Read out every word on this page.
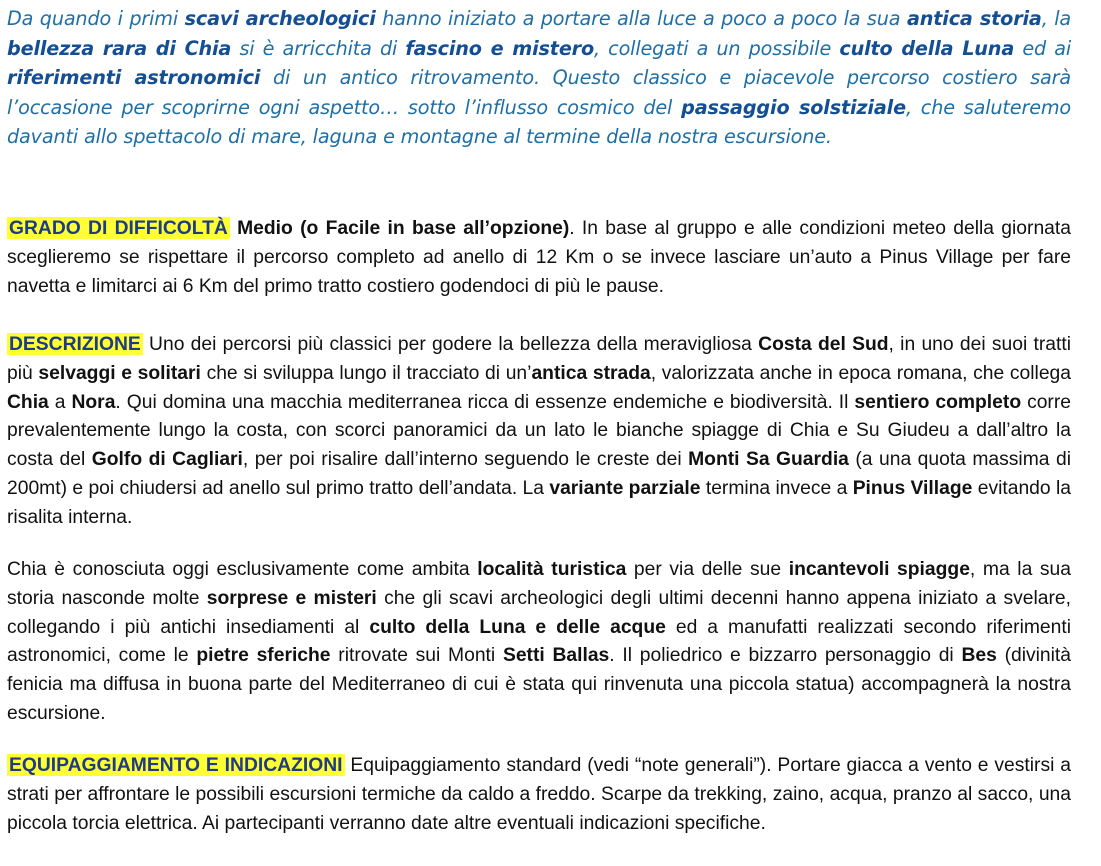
Da quando i primi scavi archeologici hanno iniziato a portare alla luce a poco a poco la sua antica storia, la bellezza rara di Chia si è arricchita di fascino e mistero, collegati a un possibile culto della Luna ed ai riferimenti astronomici di un antico ritrovamento. Questo classico e piacevole percorso costiero sarà l’occasione per scoprirne ogni aspetto… sotto l’influsso cosmico del passaggio solstiziale, che saluteremo davanti allo spettacolo di mare, laguna e montagne al termine della nostra escursione.

GRADO DI DIFFICOLTÀ Medio (o Facile in base all’opzione). In base al gruppo e alle condizioni meteo della giornata sceglieremo se rispettare il percorso completo ad anello di 12 Km o se invece lasciare un’auto a Pinus Village per fare navetta e limitarci ai 6 Km del primo tratto costiero godendoci di più le pause.

DESCRIZIONE Uno dei percorsi più classici per godere la bellezza della meravigliosa Costa del Sud, in uno dei suoi tratti più selvaggi e solitari che si sviluppa lungo il tracciato di un’antica strada, valorizzata anche in epoca romana, che collega Chia a Nora. Qui domina una macchia mediterranea ricca di essenze endemiche e biodiversità. Il sentiero completo corre prevalentemente lungo la costa, con scorci panoramici da un lato le bianche spiagge di Chia e Su Giudeu a dall’altro la costa del Golfo di Cagliari, per poi risalire dall’interno seguendo le creste dei Monti Sa Guardia (a una quota massima di 200mt) e poi chiudersi ad anello sul primo tratto dell’andata. La variante parziale termina invece a Pinus Village evitando la risalita interna.

Chia è conosciuta oggi esclusivamente come ambita località turistica per via delle sue incantevoli spiagge, ma la sua storia nasconde molte sorprese e misteri che gli scavi archeologici degli ultimi decenni hanno appena iniziato a svelare, collegando i più antichi insediamenti al culto della Luna e delle acque ed a manufatti realizzati secondo riferimenti astronomici, come le pietre sferiche ritrovate sui Monti Setti Ballas. Il poliedrico e bizzarro personaggio di Bes (divinità fenicia ma diffusa in buona parte del Mediterraneo di cui è stata qui rinvenuta una piccola statua) accompagnerà la nostra escursione.

EQUIPAGGIAMENTO E INDICAZIONI Equipaggiamento standard (vedi “note generali”). Portare giacca a vento e vestirsi a strati per affrontare le possibili escursioni termiche da caldo a freddo. Scarpe da trekking, zaino, acqua, pranzo al sacco, una piccola torcia elettrica. Ai partecipanti verranno date altre eventuali indicazioni specifiche.
